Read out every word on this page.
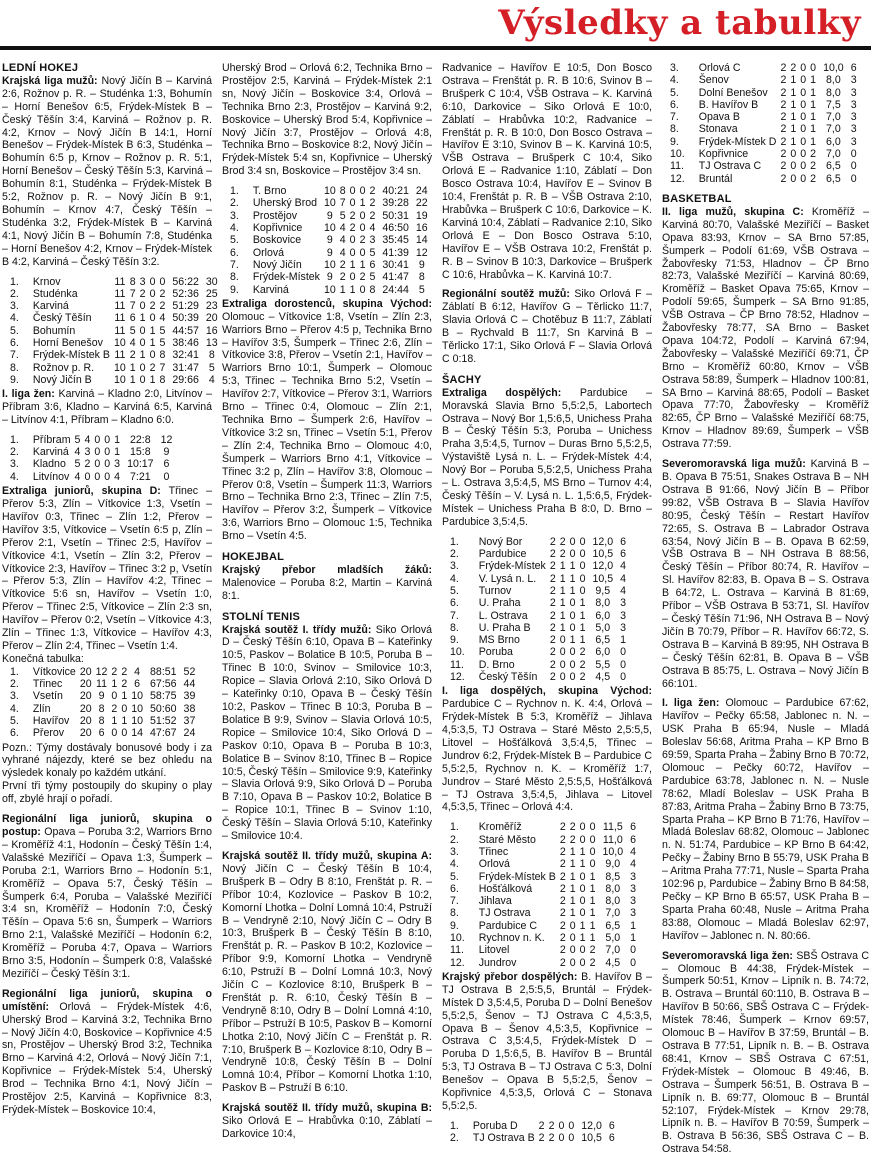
Výsledky a tabulky
LEDNÍ HOKEJ

Krajská liga mužů: Nový Jičín B – Karviná 2:6, Rožnov p. R. – Studénka 1:3, Bohumín – Horní Benešov 6:5, Frýdek-Místek B – Český Těšín 3:4, Karviná – Rožnov p. R. 4:2, Krnov – Nový Jičín B 14:1, Horní Benešov – Frýdek-Místek B 6:3, Studénka – Bohumín 6:5 p, Krnov – Rožnov p. R. 5:1, Horní Benešov – Český Těšín 5:3, Karviná – Bohumín 8:1, Studénka – Frýdek-Místek B 5:2, Rožnov p. R. – Nový Jičín B 9:1, Bohumín – Krnov 4:7, Český Těšín – Studénka 3:2, Frýdek-Místek B – Karviná 4:1, Nový Jičín B – Bohumín 7:8, Studénka – Horní Benešov 4:2, Krnov – Frýdek-Místek B 4:2, Karviná – Český Těšín 3:2.

1.	Krnov	11	8	3	0	0	56:22	30
2.	Studénka	11	7	2	0	2	52:36	25
3.	Karviná	11	7	0	2	2	51:29	23
4.	Český Těšín	11	6	1	0	4	50:39	20
5.	Bohumín	11	5	0	1	5	44:57	16
6.	Horní Benešov	10	4	0	1	5	38:46	13
7.	Frýdek-Místek B	11	2	1	0	8	32:41	8
8.	Rožnov p. R.	10	1	0	2	7	31:47	5
9.	Nový Jičín B	10	1	0	1	8	29:66	4

I. liga žen: Karviná – Kladno 2:0, Litvínov – Příbram 3:6, Kladno – Karviná 6:5, Karviná – Litvínov 4:1, Příbram – Kladno 6:0.

1.	Příbram	5	4	0	0	1	22:8	12
2.	Karviná	4	3	0	0	1	15:8	9
3.	Kladno	5	2	0	0	3	10:17	6
4.	Litvínov	4	0	0	0	4	7:21	0

Extraliga juniorů, skupina D: Třinec – Přerov 5:3, Zlín – Vítkovice 1:3, Vsetín – Havířov 0:3, Třinec – Zlín 1:2, Přerov – Havířov 3:5, Vítkovice – Vsetín 6:5 p, Zlín – Přerov 2:1, Vsetín – Třinec 2:5, Havířov – Vítkovice 4:1, Vsetín – Zlín 3:2, Přerov – Vítkovice 2:3, Havířov – Třinec 3:2 p, Vsetín – Přerov 5:3, Zlín – Havířov 4:2, Třinec – Vítkovice 5:6 sn, Havířov – Vsetín 1:0, Přerov – Třinec 2:5, Vítkovice – Zlín 2:3 sn, Havířov – Přerov 0:2, Vsetín – Vítkovice 4:3, Zlín – Třinec 1:3, Vítkovice – Havířov 4:3, Přerov – Zlín 2:4, Třinec – Vsetín 1:4.

Konečná tabulka:
1.	Vítkovice	20	12	2	2	4	88:51	52
2.	Třinec	20	11	1	2	6	67:56	44
3.	Vsetín	20	9	0	1	10	58:75	39
4.	Zlín	20	8	2	0	10	50:60	38
5.	Havířov	20	8	1	1	10	51:52	37
6.	Přerov	20	6	0	0	14	47:67	24

Pozn.: Týmy dostávaly bonusové body i za vyhrané nájezdy, které se bez ohledu na výsledek konaly po každém utkání.

První tři týmy postoupily do skupiny o play off, zbylé hrají o pořadí.

Regionální liga juniorů, skupina o postup: Opava – Poruba 3:2, Warriors Brno – Kroměříž 4:1, Hodonín – Český Těšín 1:4, Valašské Meziříčí – Opava 1:3, Šumperk – Poruba 2:1, Warriors Brno – Hodonín 5:1, Kroměříž – Opava 5:7, Český Těšín – Šumperk 6:4, Poruba – Valašské Meziříčí 3:4 sn, Kroměříž – Hodonín 7:0, Český Těšín – Opava 5:6 sn, Šumperk – Warriors Brno 2:1, Valašské Meziříčí – Hodonín 6:2, Kroměříž – Poruba 4:7, Opava – Warriors Brno 3:5, Hodonín – Šumperk 0:8, Valašské Meziříčí – Český Těšín 3:1.

Regionální liga juniorů, skupina o umístění: Orlová – Frýdek-Místek 4:6, Uherský Brod – Karviná 3:2, Technika Brno – Nový Jičín 4:0, Boskovice – Kopřivnice 4:5 sn, Prostějov – Uherský Brod 3:2, Technika Brno – Karviná 4:2, Orlová – Nový Jičín 7:1, Kopřivnice – Frýdek-Místek 5:4, Uherský Brod – Technika Brno 4:1, Nový Jičín – Prostějov 2:5, Karviná – Kopřivnice 8:3, Frýdek-Místek – Boskovice 10:4,

Uherský Brod – Orlová 6:2, Technika Brno – Prostějov 2:5, Karviná – Frýdek-Místek 2:1 sn, Nový Jičín – Boskovice 3:4, Orlová – Technika Brno 2:3, Prostějov – Karviná 9:2, Boskovice – Uherský Brod 5:4, Kopřivnice – Nový Jičín 3:7, Prostějov – Orlová 4:8, Technika Brno – Boskovice 8:2, Nový Jičín – Frýdek-Místek 5:4 sn, Kopřivnice – Uherský Brod 3:4 sn, Boskovice – Prostějov 3:4 sn.

1.	T. Brno	10	8	0	0	2	40:21	24
2.	Uherský Brod	10	7	0	1	2	39:28	22
3.	Prostějov	9	5	2	0	2	50:31	19
4.	Kopřivnice	10	4	2	0	4	46:50	16
5.	Boskovice	9	4	0	2	3	35:45	14
6.	Orlová	9	4	0	0	5	41:39	12
7.	Nový Jičín	10	2	1	1	6	30:41	9
8.	Frýdek-Místek	9	2	0	2	5	41:47	8
9.	Karviná	10	1	1	0	8	24:44	5

Extraliga dorostenců, skupina Východ: Olomouc – Vítkovice 1:8, Vsetín – Zlín 2:3, Warriors Brno – Přerov 4:5 p, Technika Brno – Havířov 3:5, Šumperk – Třinec 2:6, Zlín – Vítkovice 3:8, Přerov – Vsetín 2:1, Havířov – Warriors Brno 10:1, Šumperk – Olomouc 5:3, Třinec – Technika Brno 5:2, Vsetín – Havířov 2:7, Vítkovice – Přerov 3:1, Warriors Brno – Třinec 0:4, Olomouc – Zlín 2:1, Technika Brno – Šumperk 2:6, Havířov – Vítkovice 3:2 sn, Třinec – Vsetín 5:1, Přerov – Zlín 2:4, Technika Brno – Olomouc 4:0, Šumperk – Warriors Brno 4:1, Vítkovice – Třinec 3:2 p, Zlín – Havířov 3:8, Olomouc – Přerov 0:8, Vsetín – Šumperk 11:3, Warriors Brno – Technika Brno 2:3, Třinec – Zlín 7:5, Havířov – Přerov 3:2, Šumperk – Vítkovice 3:6, Warriors Brno – Olomouc 1:5, Technika Brno – Vsetín 4:5.

HOKEJBAL

Krajský přebor mladších žáků: Malenovice – Poruba 8:2, Martin – Karviná 8:1.

STOLNÍ TENIS

Krajská soutěž I. třídy mužů: Siko Orlová D – Český Těšín 6:10, Opava B – Kateřinky 10:5, Paskov – Bolatice B 10:5, Poruba B – Třinec B 10:0, Svinov – Smilovice 10:3, Ropice – Slavia Orlová 2:10, Siko Orlová D – Kateřinky 0:10, Opava B – Český Těšín 10:2, Paskov – Třinec B 10:3, Poruba B – Bolatice B 9:9, Svinov – Slavia Orlová 10:5, Ropice – Smilovice 10:4, Siko Orlová D – Paskov 0:10, Opava B – Poruba B 10:3, Bolatice B – Svinov 8:10, Třinec B – Ropice 10:5, Český Těšín – Smilovice 9:9, Kateřinky – Slavia Orlová 9:9, Siko Orlová D – Poruba B 7:10, Opava B – Paskov 10:2, Bolatice B – Ropice 10:1, Třinec B – Svinov 1:10, Český Těšín – Slavia Orlová 5:10, Kateřinky – Smilovice 10:4.

Krajská soutěž II. třídy mužů, skupina A: Nový Jičín C – Český Těšín B 10:4, Brušperk B – Odry B 8:10, Frenštát p. R. – Příbor 10:4, Kozlovice – Paskov B 10:2, Komorní Lhotka – Dolní Lomná 10:4, Pstruží B – Vendryně 2:10, Nový Jičín C – Odry B 10:3, Brušperk B – Český Těšín B 8:10, Frenštát p. R. – Paskov B 10:2, Kozlovice – Příbor 9:9, Komorní Lhotka – Vendryně 6:10, Pstruží B – Dolní Lomná 10:3, Nový Jičín C – Kozlovice 8:10, Brušperk B – Frenštát p. R. 6:10, Český Těšín B – Vendryně 8:10, Odry B – Dolní Lomná 4:10, Příbor – Pstruží B 10:5, Paskov B – Komorní Lhotka 2:10, Nový Jičín C – Frenštát p. R. 7:10, Brušperk B – Kozlovice 8:10, Odry B – Vendryně 10:8, Český Těšín B – Dolní Lomná 10:4, Příbor – Komorní Lhotka 1:10, Paskov B – Pstruží B 6:10.

Krajská soutěž II. třídy mužů, skupina B: Siko Orlová E – Hrabůvka 0:10, Záblatí – Darkovice 10:4,

Radvanice – Havířov E 10:5, Don Bosco Ostrava – Frenštát p. R. B 10:6, Svinov B – Brušperk C 10:4, VŠB Ostrava – K. Karviná 6:10, Darkovice – Siko Orlová E 10:0, Záblatí – Hrabůvka 10:2, Radvanice – Frenštát p. R. B 10:0, Don Bosco Ostrava – Havířov E 3:10, Svinov B – K. Karviná 10:5, VŠB Ostrava – Brušperk C 10:4, Siko Orlová E – Radvanice 1:10, Záblatí – Don Bosco Ostrava 10:4, Havířov E – Svinov B 10:4, Frenštát p. R. B – VŠB Ostrava 2:10, Hrabůvka – Brušperk C 10:6, Darkovice – K. Karviná 10:4, Záblatí – Radvanice 2:10, Siko Orlová E – Don Bosco Ostrava 5:10, Havířov E – VŠB Ostrava 10:2, Frenštát p. R. B – Svinov B 10:3, Darkovice – Brušperk C 10:6, Hrabůvka – K. Karviná 10:7.

Regionální soutěž mužů: Siko Orlová F – Záblatí B 6:12, Havířov G – Těrlicko 11:7, Slavia Orlová C – Chotěbuz B 11:7, Záblatí B – Rychvald B 11:7, Sn Karviná B – Těrlicko 17:1, Siko Orlová F – Slavia Orlová C 0:18.

ŠACHY

Extraliga dospělých: Pardubice – Moravská Slavia Brno 5,5:2,5, Labortech Ostrava – Nový Bor 1,5:6,5, Unichess Praha B – Český Těšín 5:3, Poruba – Unichess Praha 3,5:4,5, Turnov – Duras Brno 5,5:2,5, Výstaviště Lysá n. L. – Frýdek-Místek 4:4, Nový Bor – Poruba 5,5:2,5, Unichess Praha – L. Ostrava 3,5:4,5, MS Brno – Turnov 4:4, Český Těšín – V. Lysá n. L. 1,5:6,5, Frýdek-Místek – Unichess Praha B 8:0, D. Brno – Pardubice 3,5:4,5.

1.	Nový Bor	2	2	0	0	12,0	6
2.	Pardubice	2	2	0	0	10,5	6
3.	Frýdek-Místek	2	1	1	0	12,0	4
4.	V. Lysá n. L.	2	1	1	0	10,5	4
5.	Turnov	2	1	1	0	9,5	4
6.	U. Praha	2	1	0	1	8,0	3
7.	L. Ostrava	2	1	0	1	6,0	3
8.	U. Praha B	2	1	0	1	5,0	3
9.	MS Brno	2	0	1	1	6,5	1
10.	Poruba	2	0	0	2	6,0	0
11.	D. Brno	2	0	0	2	5,5	0
12.	Český Těšín	2	0	0	2	4,5	0

I. liga dospělých, skupina Východ: Pardubice C – Rychnov n. K. 4:4, Orlová – Frýdek-Místek B 5:3, Kroměříž – Jihlava 4,5:3,5, TJ Ostrava – Staré Město 2,5:5,5, Litovel – Hošťálková 3,5:4,5, Třinec – Jundrov 6:2, Frýdek-Místek B – Pardubice C 5,5:2,5, Rychnov n. K. – Kroměříž 1:7, Jundrov – Staré Město 2,5:5,5, Hošťálková – TJ Ostrava 3,5:4,5, Jihlava – Litovel 4,5:3,5, Třinec – Orlová 4:4.

1.	Kroměříž	2	2	0	0	11,5	6
2.	Staré Město	2	2	0	0	11,0	6
3.	Třinec	2	1	1	0	10,0	4
4.	Orlová	2	1	1	0	9,0	4
5.	Frýdek-Místek B	2	1	0	1	8,5	3
6.	Hošťálková	2	1	0	1	8,0	3
7.	Jihlava	2	1	0	1	8,0	3
8.	TJ Ostrava	2	1	0	1	7,0	3
9.	Pardubice C	2	0	1	1	6,5	1
10.	Rychnov n. K.	2	0	1	1	5,0	1
11.	Litovel	2	0	0	2	7,0	0
12.	Jundrov	2	0	0	2	4,5	0

Krajský přebor dospělých: B. Havířov B – TJ Ostrava B 2,5:5,5, Bruntál – Frýdek-Místek D 3,5:4,5, Poruba D – Dolní Benešov 5,5:2,5, Šenov – TJ Ostrava C 4,5:3,5, Opava B – Šenov 4,5:3,5, Kopřivnice – Ostrava C 3,5:4,5, Frýdek-Místek D – Poruba D 1,5:6,5, B. Havířov B – Bruntál 5:3, TJ Ostrava B – TJ Ostrava C 5:3, Dolní Benešov – Opava B 5,5:2,5, Šenov – Kopřivnice 4,5:3,5, Orlová C – Stonava 5,5:2,5.

1.	Poruba D	2	2	0	0	12,0	6
2.	TJ Ostrava B	2	2	0	0	10,5	6
3.	Orlová C	2	2	0	0	10,0	6
4.	Šenov	2	1	0	1	8,0	3
5.	Dolní Benešov	2	1	0	1	8,0	3
6.	B. Havířov B	2	1	0	1	7,5	3
7.	Opava B	2	1	0	1	7,0	3
8.	Stonava	2	1	0	1	7,0	3
9.	Frýdek-Místek D	2	1	0	1	6,0	3
10.	Kopřivnice	2	0	0	2	7,0	0
11.	TJ Ostrava C	2	0	0	2	6,5	0
12.	Bruntál	2	0	0	2	6,5	0
BASKETBAL

II. liga mužů, skupina C: Kroměříž – Karviná 80:70, Valašské Meziříčí – Basket Opava 83:93, Krnov – SA Brno 57:85, Šumperk – Podolí 61:69, VŠB Ostrava – Žabovřesky 71:53, Hladnov – ČP Brno 82:73, Valašské Meziříčí – Karviná 80:69, Kroměříž – Basket Opava 75:65, Krnov – Podolí 59:65, Šumperk – SA Brno 91:85, VŠB Ostrava – ČP Brno 78:52, Hladnov – Žabovřesky 78:77, SA Brno – Basket Opava 104:72, Podolí – Karviná 67:94, Žabovřesky – Valašské Meziříčí 69:71, ČP Brno – Kroměříž 60:80, Krnov – VŠB Ostrava 58:89, Šumperk – Hladnov 100:81, SA Brno – Karviná 88:65, Podolí – Basket Opava 77:70, Žabovřesky – Kroměříž 82:65, ČP Brno – Valašské Meziříčí 68:75, Krnov – Hladnov 89:69, Šumperk – VŠB Ostrava 77:59.

Severomoravská liga mužů: Karviná B – B. Opava B 75:51, Snakes Ostrava B – NH Ostrava B 91:66, Nový Jičín B – Příbor 99:82, VŠB Ostrava B – Slavia Havířov 80:95, Český Těšín – Restart Havířov 72:65, S. Ostrava B – Labrador Ostrava 63:54, Nový Jičín B – B. Opava B 62:59, VŠB Ostrava B – NH Ostrava B 88:56, Český Těšín – Příbor 80:74, R. Havířov – Sl. Havířov 82:83, B. Opava B – S. Ostrava B 64:72, L. Ostrava – Karviná B 81:69, Příbor – VŠB Ostrava B 53:71, Sl. Havířov – Český Těšín 71:96, NH Ostrava B – Nový Jičín B 70:79, Příbor – R. Havířov 66:72, S. Ostrava B – Karviná B 89:95, NH Ostrava B – Český Těšín 62:81, B. Opava B – VŠB Ostrava B 85:75, L. Ostrava – Nový Jičín B 66:101.

I. liga žen: Olomouc – Pardubice 67:62, Havířov – Pečky 65:58, Jablonec n. N. – USK Praha B 65:94, Nusle – Mladá Boleslav 56:68, Aritma Praha – KP Brno B 69:59, Sparta Praha – Žabiny Brno B 70:72, Olomouc – Pečky 60:72, Havířov – Pardubice 63:78, Jablonec n. N. – Nusle 78:62, Mladí Boleslav – USK Praha B 87:83, Aritma Praha – Žabiny Brno B 73:75, Sparta Praha – KP Brno B 71:76, Havířov – Mladá Boleslav 68:82, Olomouc – Jablonec n. N. 51:74, Pardubice – KP Brno B 64:42, Pečky – Žabiny Brno B 55:79, USK Praha B – Aritma Praha 77:71, Nusle – Sparta Praha 102:96 p, Pardubice – Žabiny Brno B 84:58, Pečky – KP Brno B 65:57, USK Praha B – Sparta Praha 60:48, Nusle – Aritma Praha 83:88, Olomouc – Mladá Boleslav 62:97, Havířov – Jablonec n. N. 80:66.

Severomoravská liga žen: SBŠ Ostrava C – Olomouc B 44:38, Frýdek-Místek – Šumperk 50:51, Krnov – Lipník n. B. 74:72, B. Ostrava – Bruntál 60:110, B. Ostrava B – Havířov B 50:66, SBŠ Ostrava C – Frýdek-Místek 78:46, Šumperk – Krnov 69:57, Olomouc B – Havířov B 37:59, Bruntál – B. Ostrava B 77:51, Lipník n. B. – B. Ostrava 68:41, Krnov – SBŠ Ostrava C 67:51, Frýdek-Místek – Olomouc B 49:46, B. Ostrava – Šumperk 56:51, B. Ostrava B – Lipník n. B. 69:77, Olomouc B – Bruntál 52:107, Frýdek-Místek – Krnov 29:78, Lipník n. B. – Havířov B 70:59, Šumperk – B. Ostrava B 56:36, SBŠ Ostrava C – B. Ostrava 54:58.
